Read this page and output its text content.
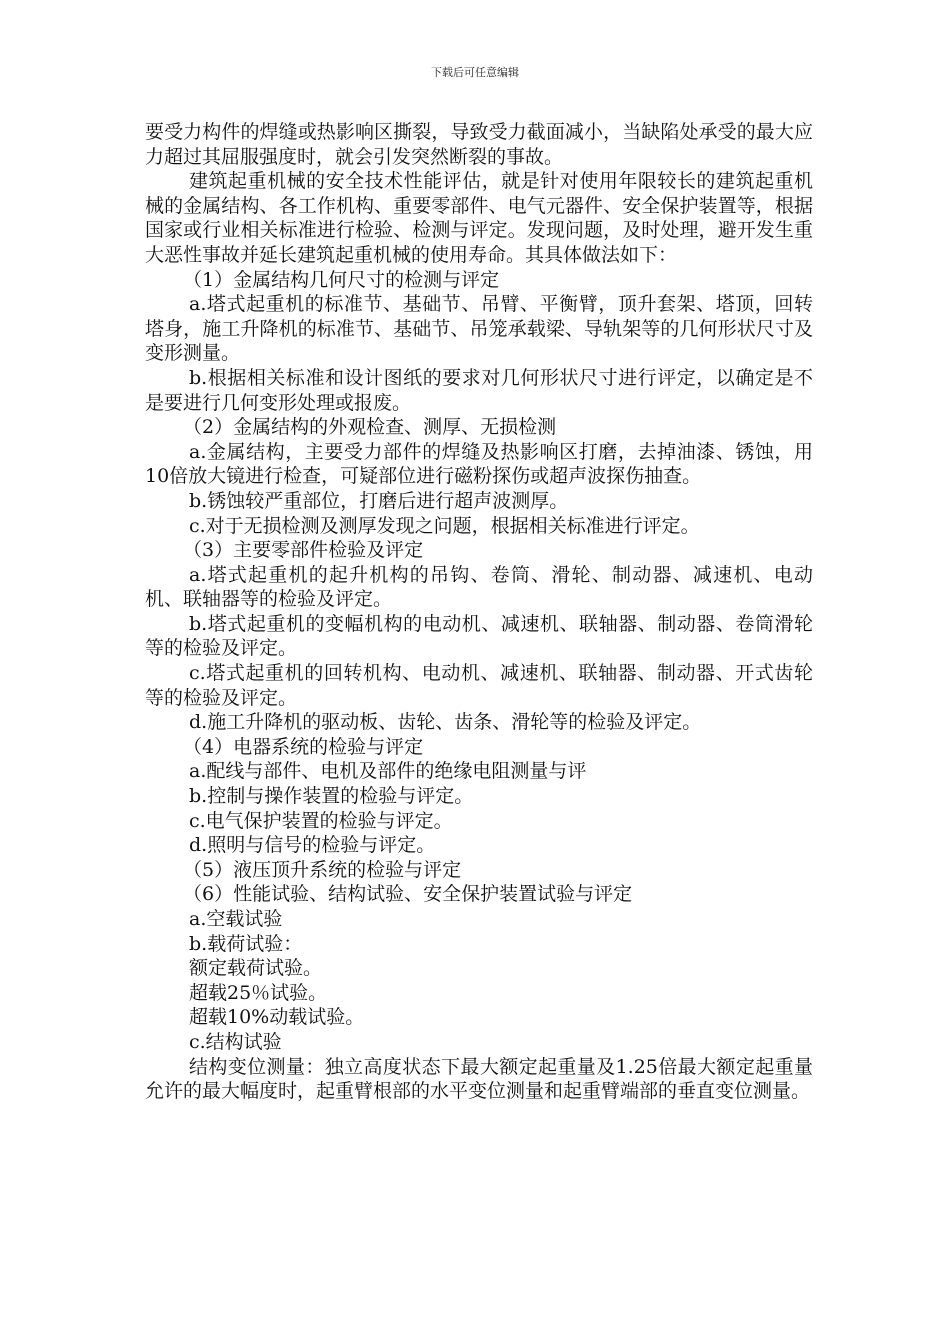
下载后可任意编辑

要受力构件的焊缝或热影响区撕裂，导致受力截面减小，当缺陷处承受的最大应力超过其屈服强度时，就会引发突然断裂的事故。

建筑起重机械的安全技术性能评估，就是针对使用年限较长的建筑起重机械的金属结构、各工作机构、重要零部件、电气元器件、安全保护装置等，根据国家或行业相关标准进行检验、检测与评定。发现问题，及时处理，避开发生重大恶性事故并延长建筑起重机械的使用寿命。其具体做法如下：

（1）金属结构几何尺寸的检测与评定

a.塔式起重机的标准节、基础节、吊臂、平衡臂，顶升套架、塔顶，回转塔身，施工升降机的标准节、基础节、吊笼承载梁、导轨架等的几何形状尺寸及变形测量。

b.根据相关标准和设计图纸的要求对几何形状尺寸进行评定，以确定是不是要进行几何变形处理或报废。

（2）金属结构的外观检查、测厚、无损检测

a.金属结构，主要受力部件的焊缝及热影响区打磨，去掉油漆、锈蚀，用10倍放大镜进行检查，可疑部位进行磁粉探伤或超声波探伤抽查。

b.锈蚀较严重部位，打磨后进行超声波测厚。

c.对于无损检测及测厚发现之问题，根据相关标准进行评定。

（3）主要零部件检验及评定

a.塔式起重机的起升机构的吊钩、卷筒、滑轮、制动器、减速机、电动机、联轴器等的检验及评定。

b.塔式起重机的变幅机构的电动机、减速机、联轴器、制动器、卷筒滑轮等的检验及评定。

c.塔式起重机的回转机构、电动机、减速机、联轴器、制动器、开式齿轮等的检验及评定。

d.施工升降机的驱动板、齿轮、齿条、滑轮等的检验及评定。

（4）电器系统的检验与评定

a.配线与部件、电机及部件的绝缘电阻测量与评

b.控制与操作装置的检验与评定。

c.电气保护装置的检验与评定。

d.照明与信号的检验与评定。

（5）液压顶升系统的检验与评定

（6）性能试验、结构试验、安全保护装置试验与评定

a.空载试验

b.载荷试验：

额定载荷试验。

超载25％试验。

超载10%动载试验。

c.结构试验

结构变位测量：独立高度状态下最大额定起重量及1.25倍最大额定起重量允许的最大幅度时，起重臂根部的水平变位测量和起重臂端部的垂直变位测量。
